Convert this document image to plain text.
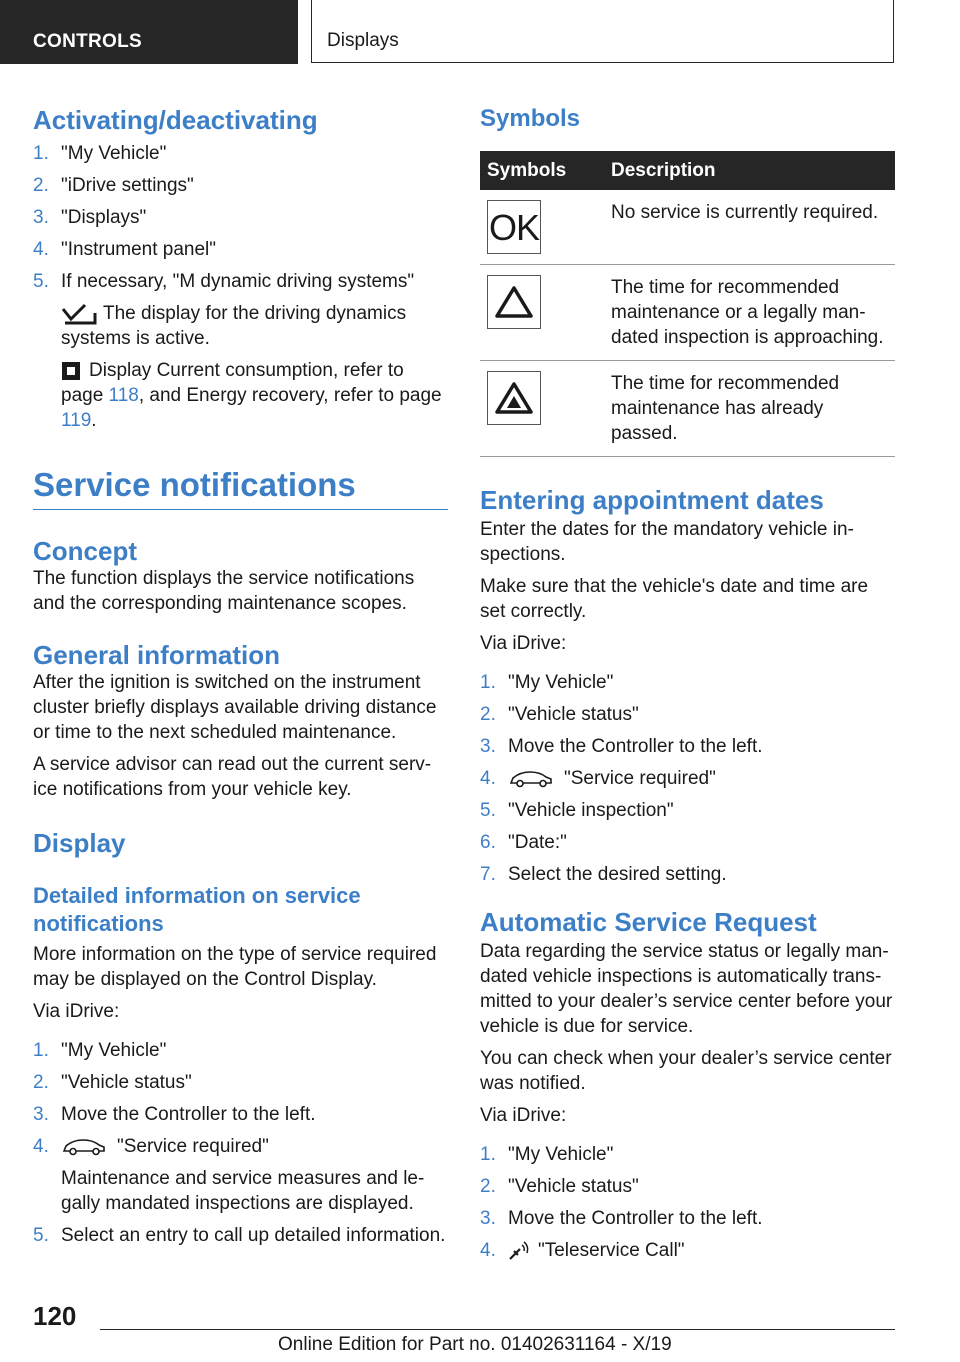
CONTROLS	Displays
Activating/deactivating
1. "My Vehicle"
2. "iDrive settings"
3. "Displays"
4. "Instrument panel"
5. If necessary, "M dynamic driving systems"

The display for the driving dynamics systems is active.

Display Current consumption, refer to page 118, and Energy recovery, refer to page 119.

Service notifications
Concept

The function displays the service notifications and the corresponding maintenance scopes.

General information

After the ignition is switched on the instrument cluster briefly displays available driving distance or time to the next scheduled maintenance.

A service advisor can read out the current serv-ice notifications from your vehicle key.

Display
Detailed information on service notifications

More information on the type of service required may be displayed on the Control Display.

Via iDrive:

1. "My Vehicle"
2. "Vehicle status"
3. Move the Controller to the left.
4.	"Service required"
Maintenance and service measures and le-gally mandated inspections are displayed.
5. Select an entry to call up detailed information.
Symbols
Symbols	Description

OK	No service is currently required.

	The time for recommended maintenance or a legally man-dated inspection is approaching.

	The time for recommended maintenance has already passed.
Entering appointment dates

Enter the dates for the mandatory vehicle in-spections.

Make sure that the vehicle's date and time are set correctly.

Via iDrive:

1. "My Vehicle"
2. "Vehicle status"
3. Move the Controller to the left.
4.	"Service required"
5. "Vehicle inspection"
6. "Date:"
7. Select the desired setting.
Automatic Service Request

Data regarding the service status or legally man-dated vehicle inspections is automatically trans-mitted to your dealer’s service center before your vehicle is due for service.

You can check when your dealer’s service center was notified.

Via iDrive:

1. "My Vehicle"
2. "Vehicle status"
3. Move the Controller to the left.
4. "Teleservice Call"
120
Online Edition for Part no. 01402631164 - X/19
